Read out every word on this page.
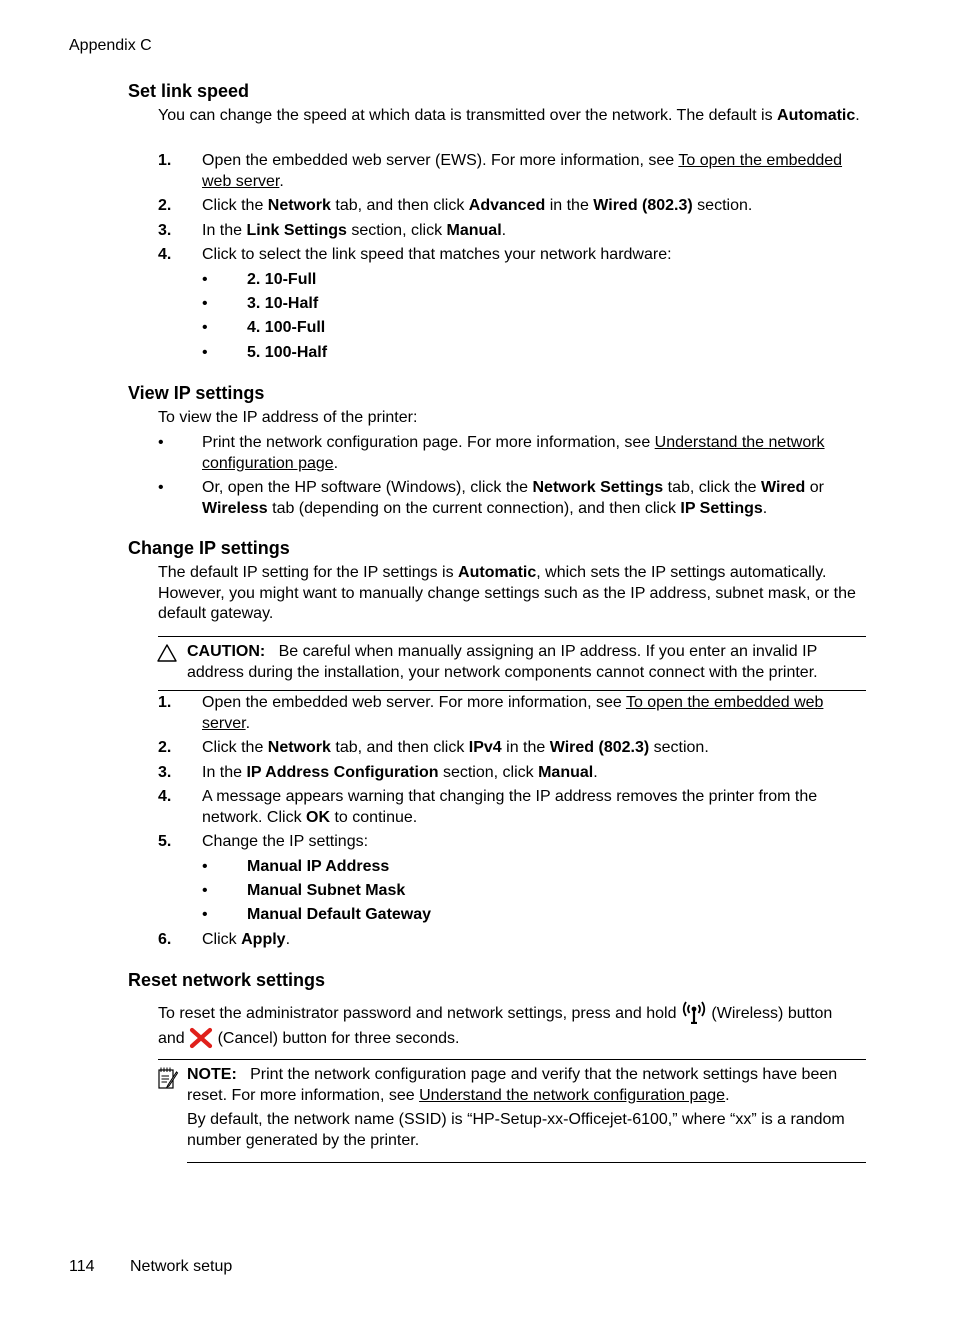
Appendix C
Set link speed
You can change the speed at which data is transmitted over the network. The default is Automatic.
1. Open the embedded web server (EWS). For more information, see To open the embedded
web server.
2. Click the Network tab, and then click Advanced in the Wired (802.3) section.
3. In the Link Settings section, click Manual.
4. Click to select the link speed that matches your network hardware:
• 2. 10-Full
• 3. 10-Half
• 4. 100-Full
• 5. 100-Half
View IP settings
To view the IP address of the printer:
• Print the network configuration page. For more information, see Understand the network
configuration page.
• Or, open the HP software (Windows), click the Network Settings tab, click the Wired or
Wireless tab (depending on the current connection), and then click IP Settings.
Change IP settings
The default IP setting for the IP settings is Automatic, which sets the IP settings automatically. However, you might want to manually change settings such as the IP address, subnet mask, or the default gateway.
CAUTION: Be careful when manually assigning an IP address. If you enter an invalid IP address during the installation, your network components cannot connect with the printer.
1. Open the embedded web server. For more information, see To open the embedded web
server.
2. Click the Network tab, and then click IPv4 in the Wired (802.3) section.
3. In the IP Address Configuration section, click Manual.
4. A message appears warning that changing the IP address removes the printer from the network. Click OK to continue.
5. Change the IP settings:
• Manual IP Address
• Manual Subnet Mask
• Manual Default Gateway
6. Click Apply.
Reset network settings
To reset the administrator password and network settings, press and hold  (Wireless) button
and  (Cancel) button for three seconds.
NOTE: Print the network configuration page and verify that the network settings have been reset. For more information, see Understand the network configuration page.
By default, the network name (SSID) is “HP-Setup-xx-Officejet-6100,” where “xx” is a random number generated by the printer.
114 Network setup
